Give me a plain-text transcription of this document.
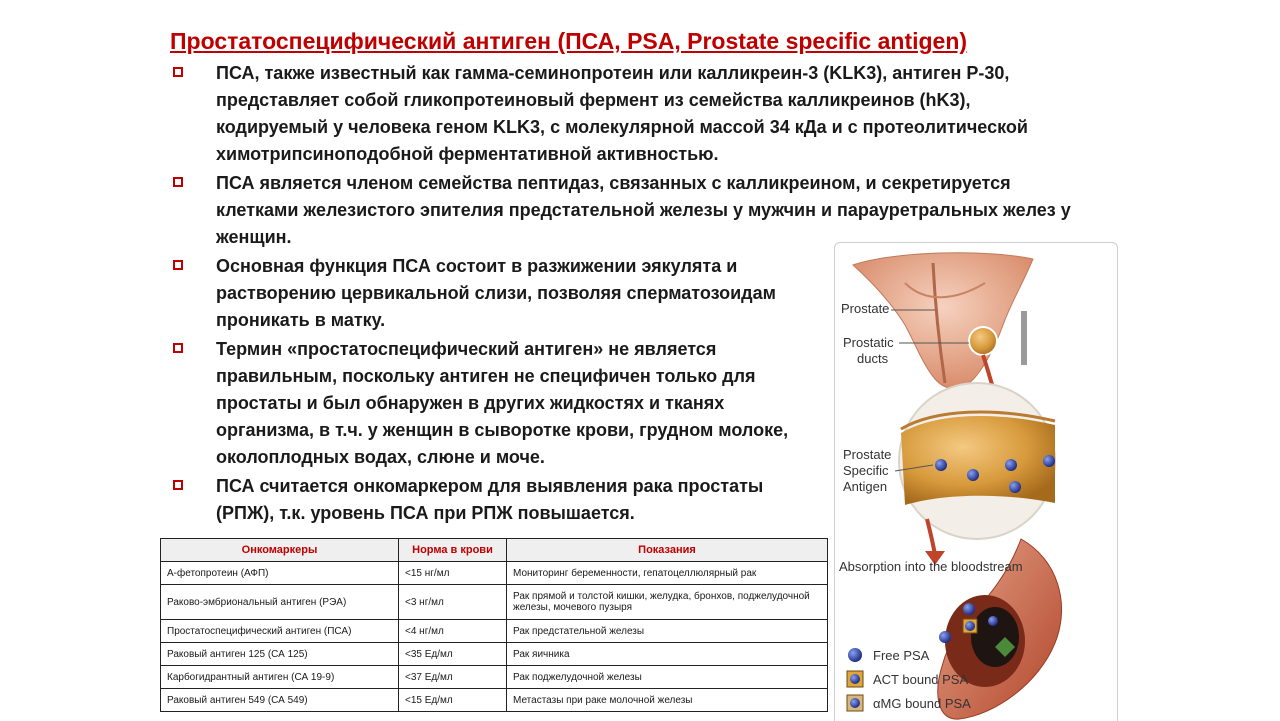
Простатоспецифический антиген (ПСА, PSA, Prostate specific antigen)
ПСА, также известный как гамма-семинопротеин или калликреин-3 (KLK3), антиген P-30, представляет собой гликопротеиновый фермент из семейства калликреинов (hK3), кодируемый у человека геном KLK3, с молекулярной массой 34 кДа и с протеолитической химотрипсиноподобной ферментативной активностью.
ПСА является членом семейства пептидаз, связанных с калликреином, и секретируется клетками железистого эпителия предстательной железы у мужчин и парауретральных желез у женщин.
Основная функция ПСА состоит в разжижении эякулята и растворению цервикальной слизи, позволяя сперматозоидам проникать в матку.
Термин «простатоспецифический антиген» не является правильным, поскольку антиген не специфичен только для простаты и был обнаружен в других жидкостях и тканях организма, в т.ч. у женщин в сыворотке крови, грудном молоке, околоплодных водах, слюне и моче.
ПСА считается онкомаркером для выявления рака простаты (РПЖ), т.к. уровень ПСА при РПЖ повышается.
Онкомаркеры	Норма в крови	Показания
А-фетопротеин (АФП)	<15 нг/мл	Мониторинг беременности, гепатоцеллюлярный рак
Раково-эмбриональный антиген (РЭА)	<3 нг/мл	Рак прямой и толстой кишки, желудка, бронхов, поджелудочной железы, мочевого пузыря
Простатоспецифический антиген (ПСА)	<4 нг/мл	Рак предстательной железы
Раковый антиген 125 (СА 125)	<35 Ед/мл	Рак яичника
Карбогидрантный антиген (СА 19-9)	<37 Ед/мл	Рак поджелудочной железы
Раковый антиген 549 (СА 549)	<15 Ед/мл	Метастазы при раке молочной железы
Prostate
Prostatic
ducts
Prostate
Specific
Antigen
Absorption into the bloodstream
Free PSA
ACT bound PSA
αMG bound PSA
